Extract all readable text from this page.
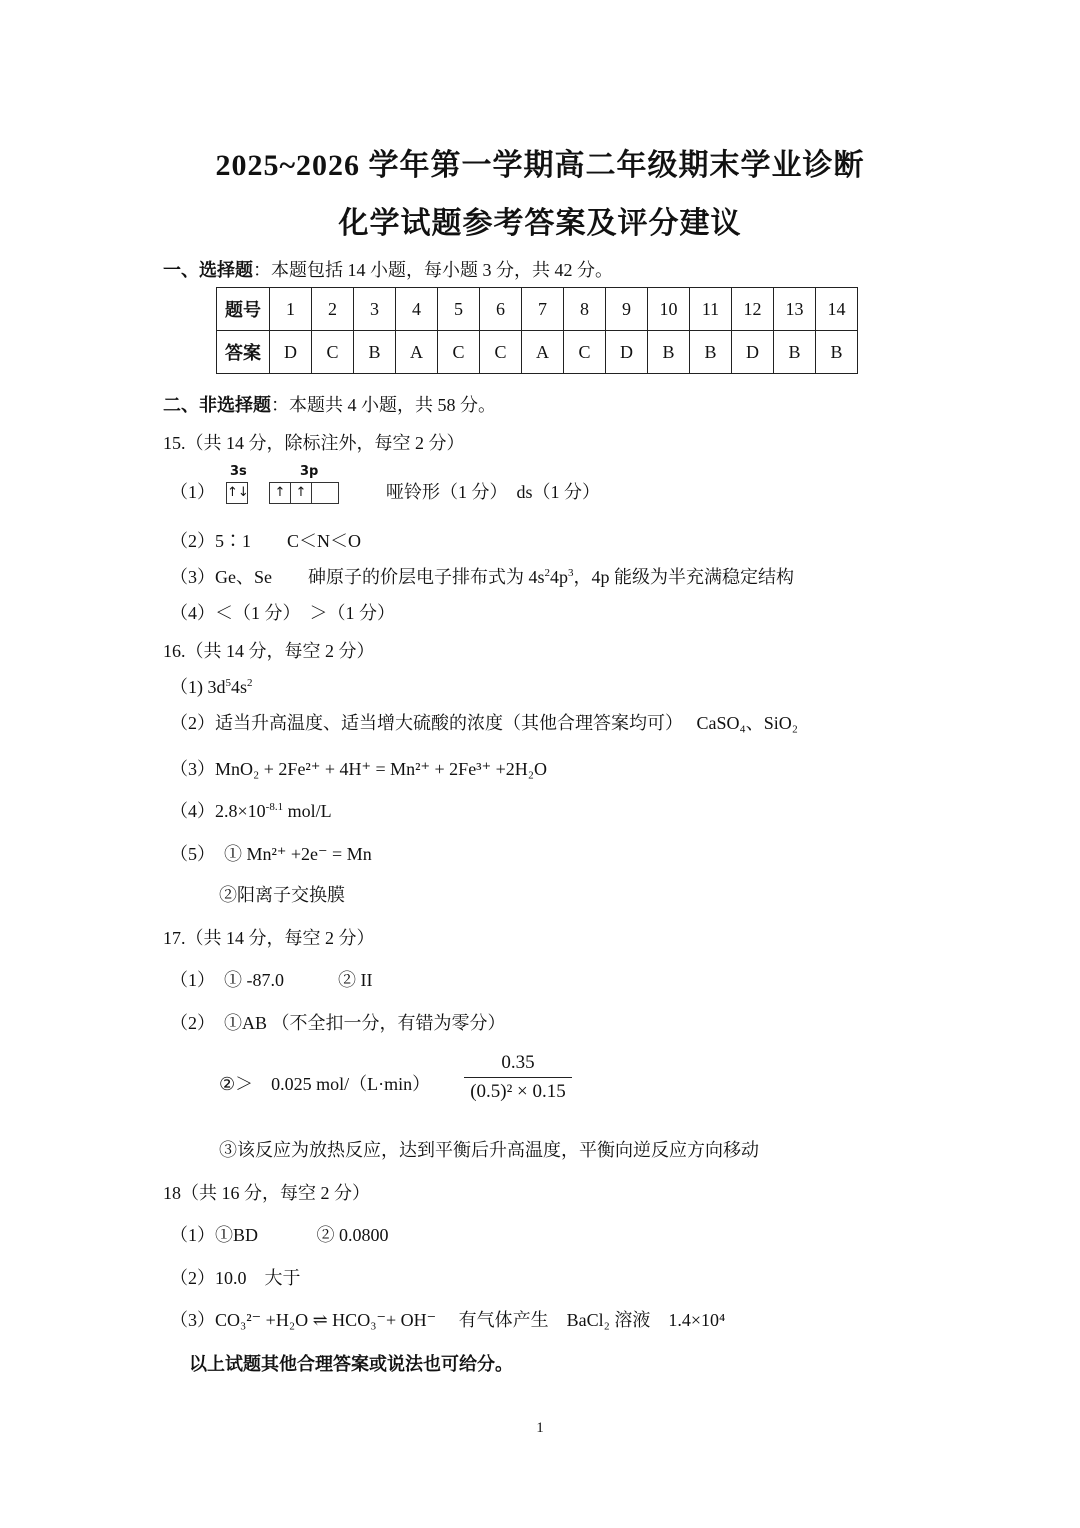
2025~2026 学年第一学期高二年级期末学业诊断
化学试题参考答案及评分建议
一、选择题：本题包括 14 小题，每小题 3 分，共 42 分。
题号	1	2	3	4	5	6	7	8	9	10	11	12	13	14
答案	D	C	B	A	C	C	A	C	D	B	B	D	B	B
二、非选择题：本题共 4 小题，共 58 分。
15.（共 14 分，除标注外，每空 2 分）
（1）
3s
↑↓
3p
↑ ↑	哑铃形（1 分）　ds（1 分）
（2）5∶1　　C＜N＜O
（3）Ge、Se　　砷原子的价层电子排布式为 $4s^24p^3$，4p 能级为半充满稳定结构
（4）＜（1 分）　＞（1 分）
16.（共 14 分，每空 2 分）
（1) $3d^54s^2$
（2）适当升高温度、适当增大硫酸的浓度（其他合理答案均可）　 CaSO₄、SiO₂
（3）MnO₂ + 2Fe²⁺ + 4H⁺ = Mn²⁺ + 2Fe³⁺ +2H₂O
$(4)2.8\times 10^{-8.1}$ mol/L
（5）　① Mn²⁺ +2e⁻ = Mn
②阳离子交换膜
17.（共 14 分，每空 2 分）
（1）　① -87.0　　　② II
（2）　①AB （不全扣一分，有错为零分）
②＞　0.025 $mol/(L\cdot\min) \frac{0.35}{\text{(0.5)² × 0.15}}$
③该反应为放热反应，达到平衡后升高温度，平衡向逆反应方向移动
18（共 16 分，每空 2 分）
（1）①BD　　　 ② 0.0800
（2）10.0　大于
（3）CO₃²⁻ +H₂O ⇌ HCO₃⁻+ OH⁻　 有气体产生　BaCl₂ 溶液　1.4×10⁴
以上试题其他合理答案或说法也可给分。
1
